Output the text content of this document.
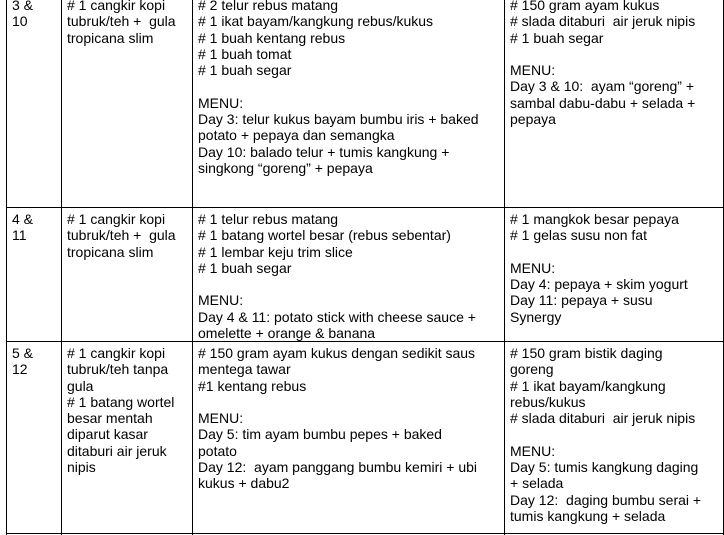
3 &
10
# 1 cangkir kopi
tubruk/teh +  gula
tropicana slim
# 2 telur rebus matang
# 1 ikat bayam/kangkung rebus/kukus
# 1 buah kentang rebus
# 1 buah tomat
# 1 buah segar

MENU:
Day 3: telur kukus bayam bumbu iris + baked
potato + pepaya dan semangka
Day 10: balado telur + tumis kangkung +
singkong “goreng” + pepaya
# 150 gram ayam kukus
# slada ditaburi  air jeruk nipis
# 1 buah segar

MENU:
Day 3 & 10:  ayam “goreng” +
sambal dabu-dabu + selada +
pepaya
4 &
11
# 1 cangkir kopi
tubruk/teh +  gula
tropicana slim
# 1 telur rebus matang
# 1 batang wortel besar (rebus sebentar)
# 1 lembar keju trim slice
# 1 buah segar

MENU:
Day 4 & 11: potato stick with cheese sauce +
omelette + orange & banana
# 1 mangkok besar pepaya
# 1 gelas susu non fat

MENU:
Day 4: pepaya + skim yogurt
Day 11: pepaya + susu
Synergy
5 &
12
# 1 cangkir kopi
tubruk/teh tanpa
gula
# 1 batang wortel
besar mentah
diparut kasar
ditaburi air jeruk
nipis
# 150 gram ayam kukus dengan sedikit saus
mentega tawar
#1 kentang rebus

MENU:
Day 5: tim ayam bumbu pepes + baked
potato
Day 12:  ayam panggang bumbu kemiri + ubi
kukus + dabu2
# 150 gram bistik daging
goreng
# 1 ikat bayam/kangkung
rebus/kukus
# slada ditaburi  air jeruk nipis

MENU:
Day 5: tumis kangkung daging
+ selada
Day 12:  daging bumbu serai +
tumis kangkung + selada
